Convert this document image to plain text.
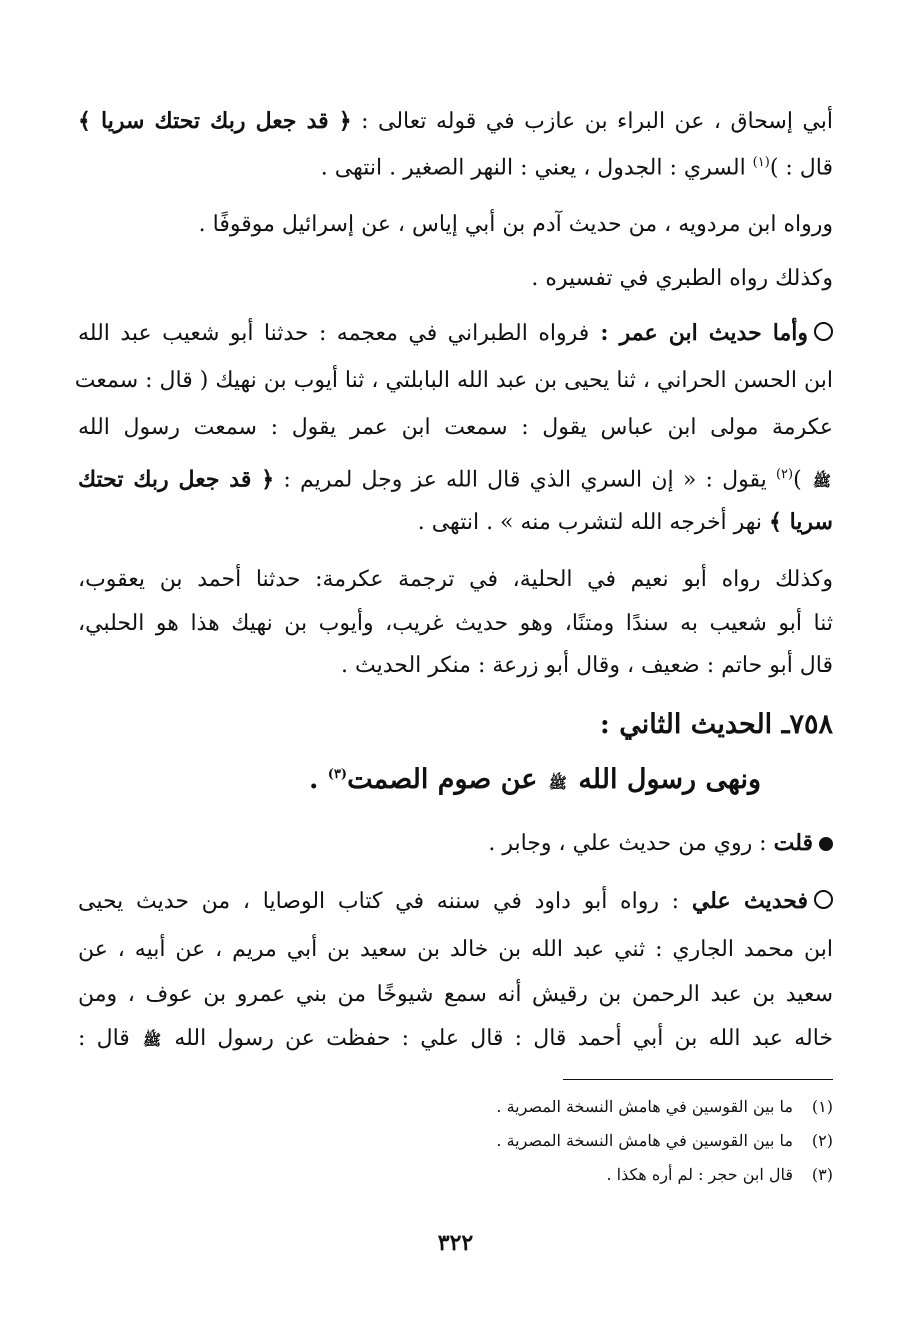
أبي إسحاق ، عن البراء بن عازب في قوله تعالى : ﴿ قد جعل ربك تحتك سريا ﴾

قال : )$^{(١)}$ السري : الجدول ، يعني : النهر الصغير . انتهى .

ورواه ابن مردويه ، من حديث آدم بن أبي إياس ، عن إسرائيل موقوفًا .

وكذلك رواه الطبري في تفسيره .

وأما حديث ابن عمر : فرواه الطبراني في معجمه : حدثنا أبو شعيب عبد الله

ابن الحسن الحراني ، ثنا يحيى بن عبد الله البابلتي ، ثنا أيوب بن نهيك ( قال : سمعت

عكرمة مولى ابن عباس يقول : سمعت ابن عمر يقول : سمعت رسول الله

ﷺ )$^{(٢)}$ يقول : « إن السري الذي قال الله عز وجل لمريم : ﴿ قد جعل ربك تحتك

سريا ﴾ نهر أخرجه الله لتشرب منه » . انتهى .

وكذلك رواه أبو نعيم في الحلية، في ترجمة عكرمة: حدثنا أحمد بن يعقوب،

ثنا أبو شعيب به سندًا ومتنًا، وهو حديث غريب، وأيوب بن نهيك هذا هو الحلبي،

قال أبو حاتم : ضعيف ، وقال أبو زرعة : منكر الحديث .

٧٥٨ـ الحديث الثاني :

ونهى رسول الله ﷺ عن صوم الصمت$^{(٣)}$ .

قلت : روي من حديث علي ، وجابر .

فحديث علي : رواه أبو داود في سننه في كتاب الوصايا ، من حديث يحيى

ابن محمد الجاري : ثني عبد الله بن خالد بن سعيد بن أبي مريم ، عن أبيه ، عن

سعيد بن عبد الرحمن بن رقيش أنه سمع شيوخًا من بني عمرو بن عوف ، ومن

خاله عبد الله بن أبي أحمد قال : قال علي : حفظت عن رسول الله ﷺ قال :

(١)ما بين القوسين في هامش النسخة المصرية .

(٢)ما بين القوسين في هامش النسخة المصرية .

(٣)قال ابن حجر : لم أره هكذا .

٣٢٢
